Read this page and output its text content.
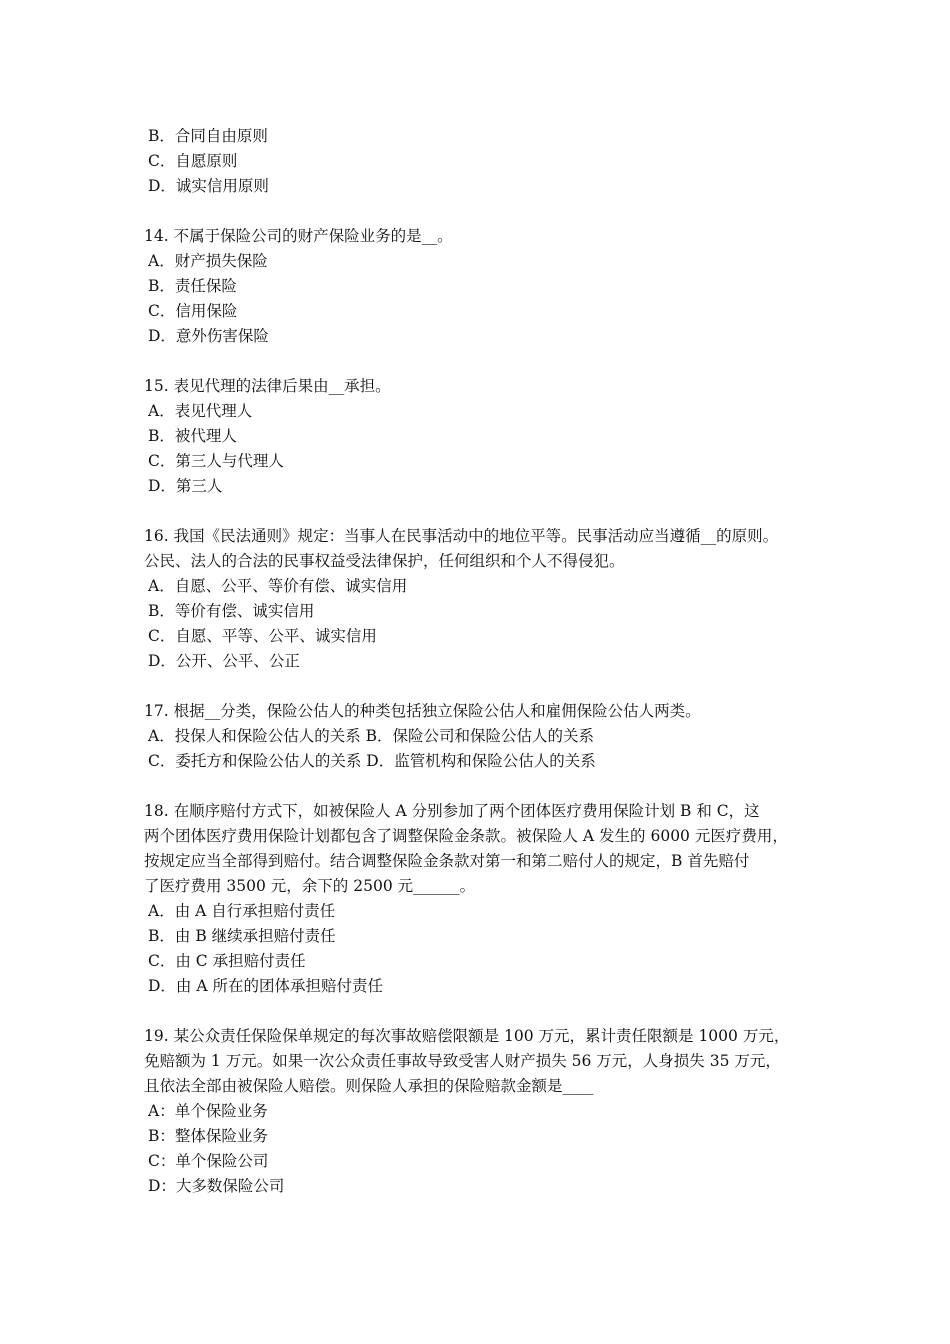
B．合同自由原则
C．自愿原则
D．诚实信用原则
14. 不属于保险公司的财产保险业务的是__。
A．财产损失保险
B．责任保险
C．信用保险
D．意外伤害保险
15. 表见代理的法律后果由__承担。
A．表见代理人
B．被代理人
C．第三人与代理人
D．第三人
16. 我国《民法通则》规定：当事人在民事活动中的地位平等。民事活动应当遵循__的原则。
公民、法人的合法的民事权益受法律保护，任何组织和个人不得侵犯。
A．自愿、公平、等价有偿、诚实信用
B．等价有偿、诚实信用
C．自愿、平等、公平、诚实信用
D．公开、公平、公正
17. 根据__分类，保险公估人的种类包括独立保险公估人和雇佣保险公估人两类。
A．投保人和保险公估人的关系 B．保险公司和保险公估人的关系
C．委托方和保险公估人的关系 D．监管机构和保险公估人的关系
18. 在顺序赔付方式下，如被保险人 A 分别参加了两个团体医疗费用保险计划 B 和 C，这
两个团体医疗费用保险计划都包含了调整保险金条款。被保险人 A 发生的 6000 元医疗费用，
按规定应当全部得到赔付。结合调整保险金条款对第一和第二赔付人的规定，B 首先赔付
了医疗费用 3500 元，余下的 2500 元______。
A．由 A 自行承担赔付责任
B．由 B 继续承担赔付责任
C．由 C 承担赔付责任
D．由 A 所在的团体承担赔付责任
19. 某公众责任保险保单规定的每次事故赔偿限额是 100 万元，累计责任限额是 1000 万元，
免赔额为 1 万元。如果一次公众责任事故导致受害人财产损失 56 万元，人身损失 35 万元，
且依法全部由被保险人赔偿。则保险人承担的保险赔款金额是____
A：单个保险业务
B：整体保险业务
C：单个保险公司
D：大多数保险公司
